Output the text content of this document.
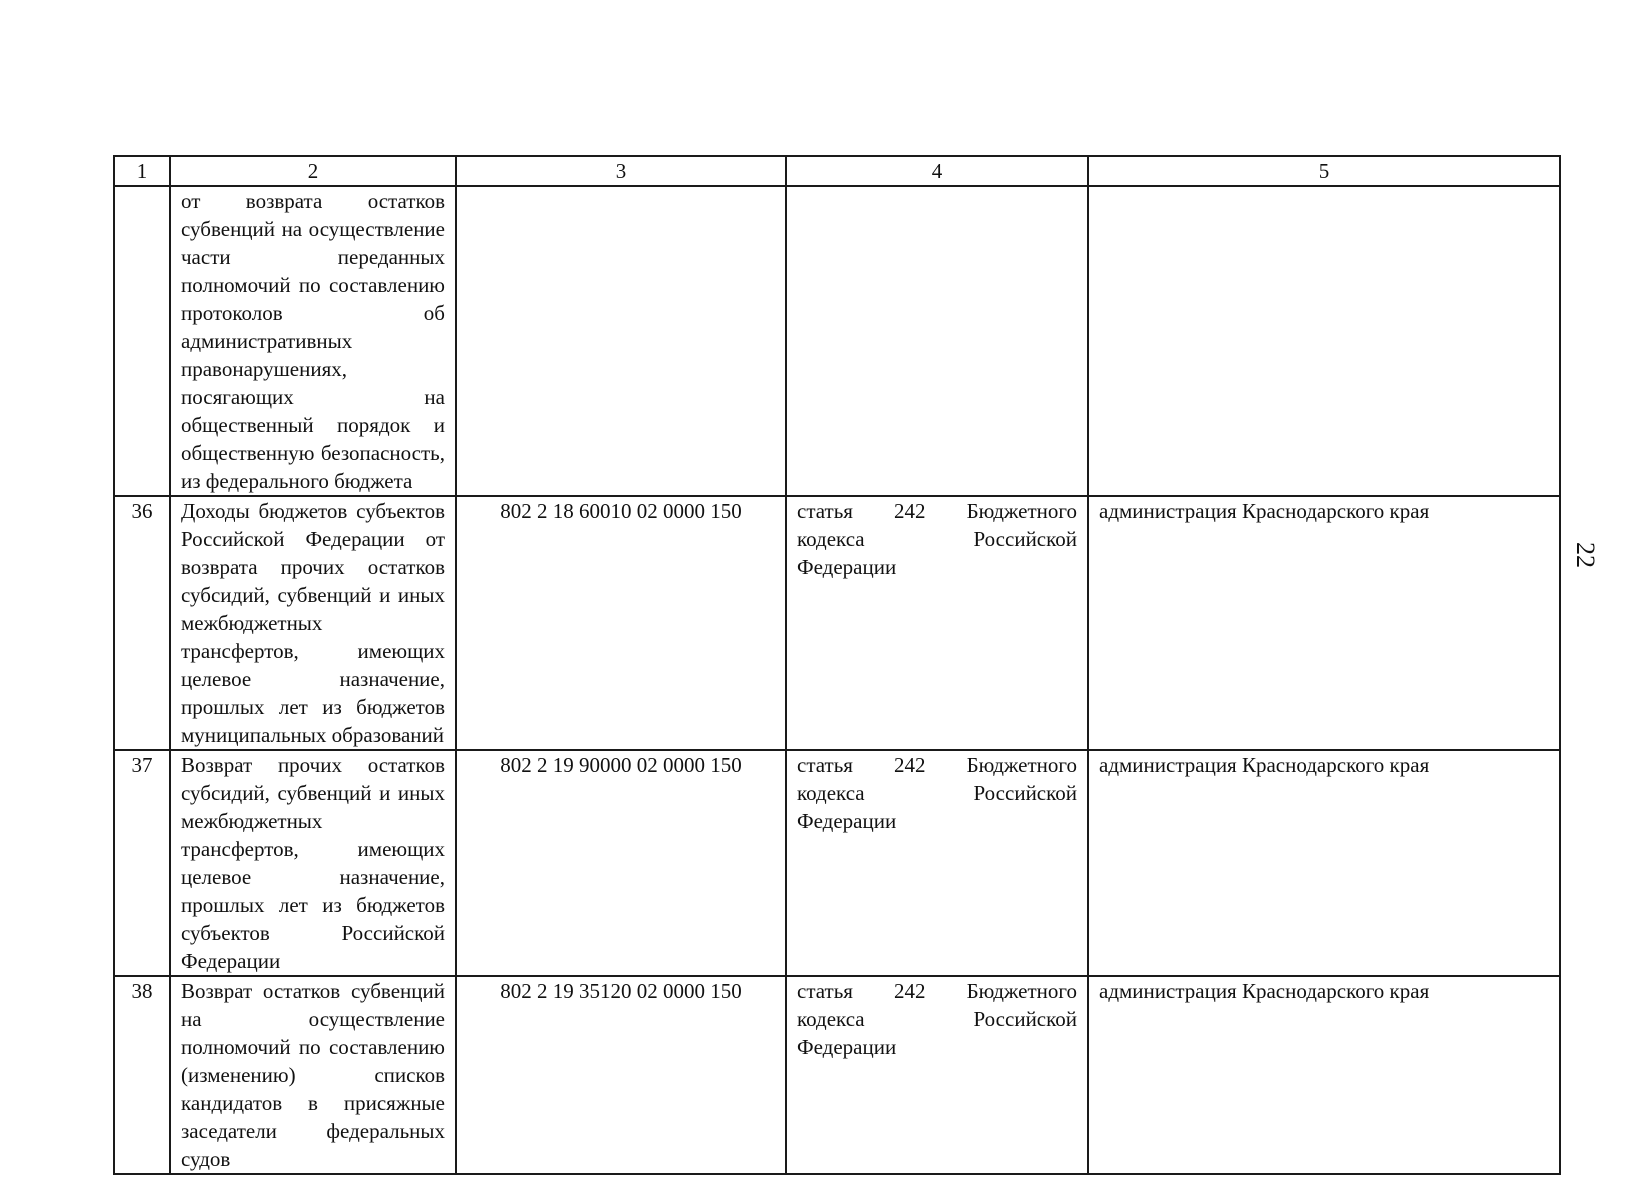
1	2	3	4	5
	от возврата остатков субвенций на осуществление части переданных полномочий по составлению протоколов об административных правонарушениях, посягающих на общественный порядок и общественную безопасность, из федерального бюджета			
36	Доходы бюджетов субъектов Российской Федерации от возврата прочих остатков субсидий, субвенций и иных межбюджетных трансфертов, имеющих целевое назначение, прошлых лет из бюджетов муниципальных образований	802 2 18 60010 02 0000 150	статья 242 Бюджетного кодекса Российской Федерации	администрация Краснодарского края
37	Возврат прочих остатков субсидий, субвенций и иных межбюджетных трансфертов, имеющих целевое назначение, прошлых лет из бюджетов субъектов Российской Федерации	802 2 19 90000 02 0000 150	статья 242 Бюджетного кодекса Российской Федерации	администрация Краснодарского края
38	Возврат остатков субвенций на осуществление полномочий по составлению (изменению) списков кандидатов в присяжные заседатели федеральных судов	802 2 19 35120 02 0000 150	статья 242 Бюджетного кодекса Российской Федерации	администрация Краснодарского края
22
